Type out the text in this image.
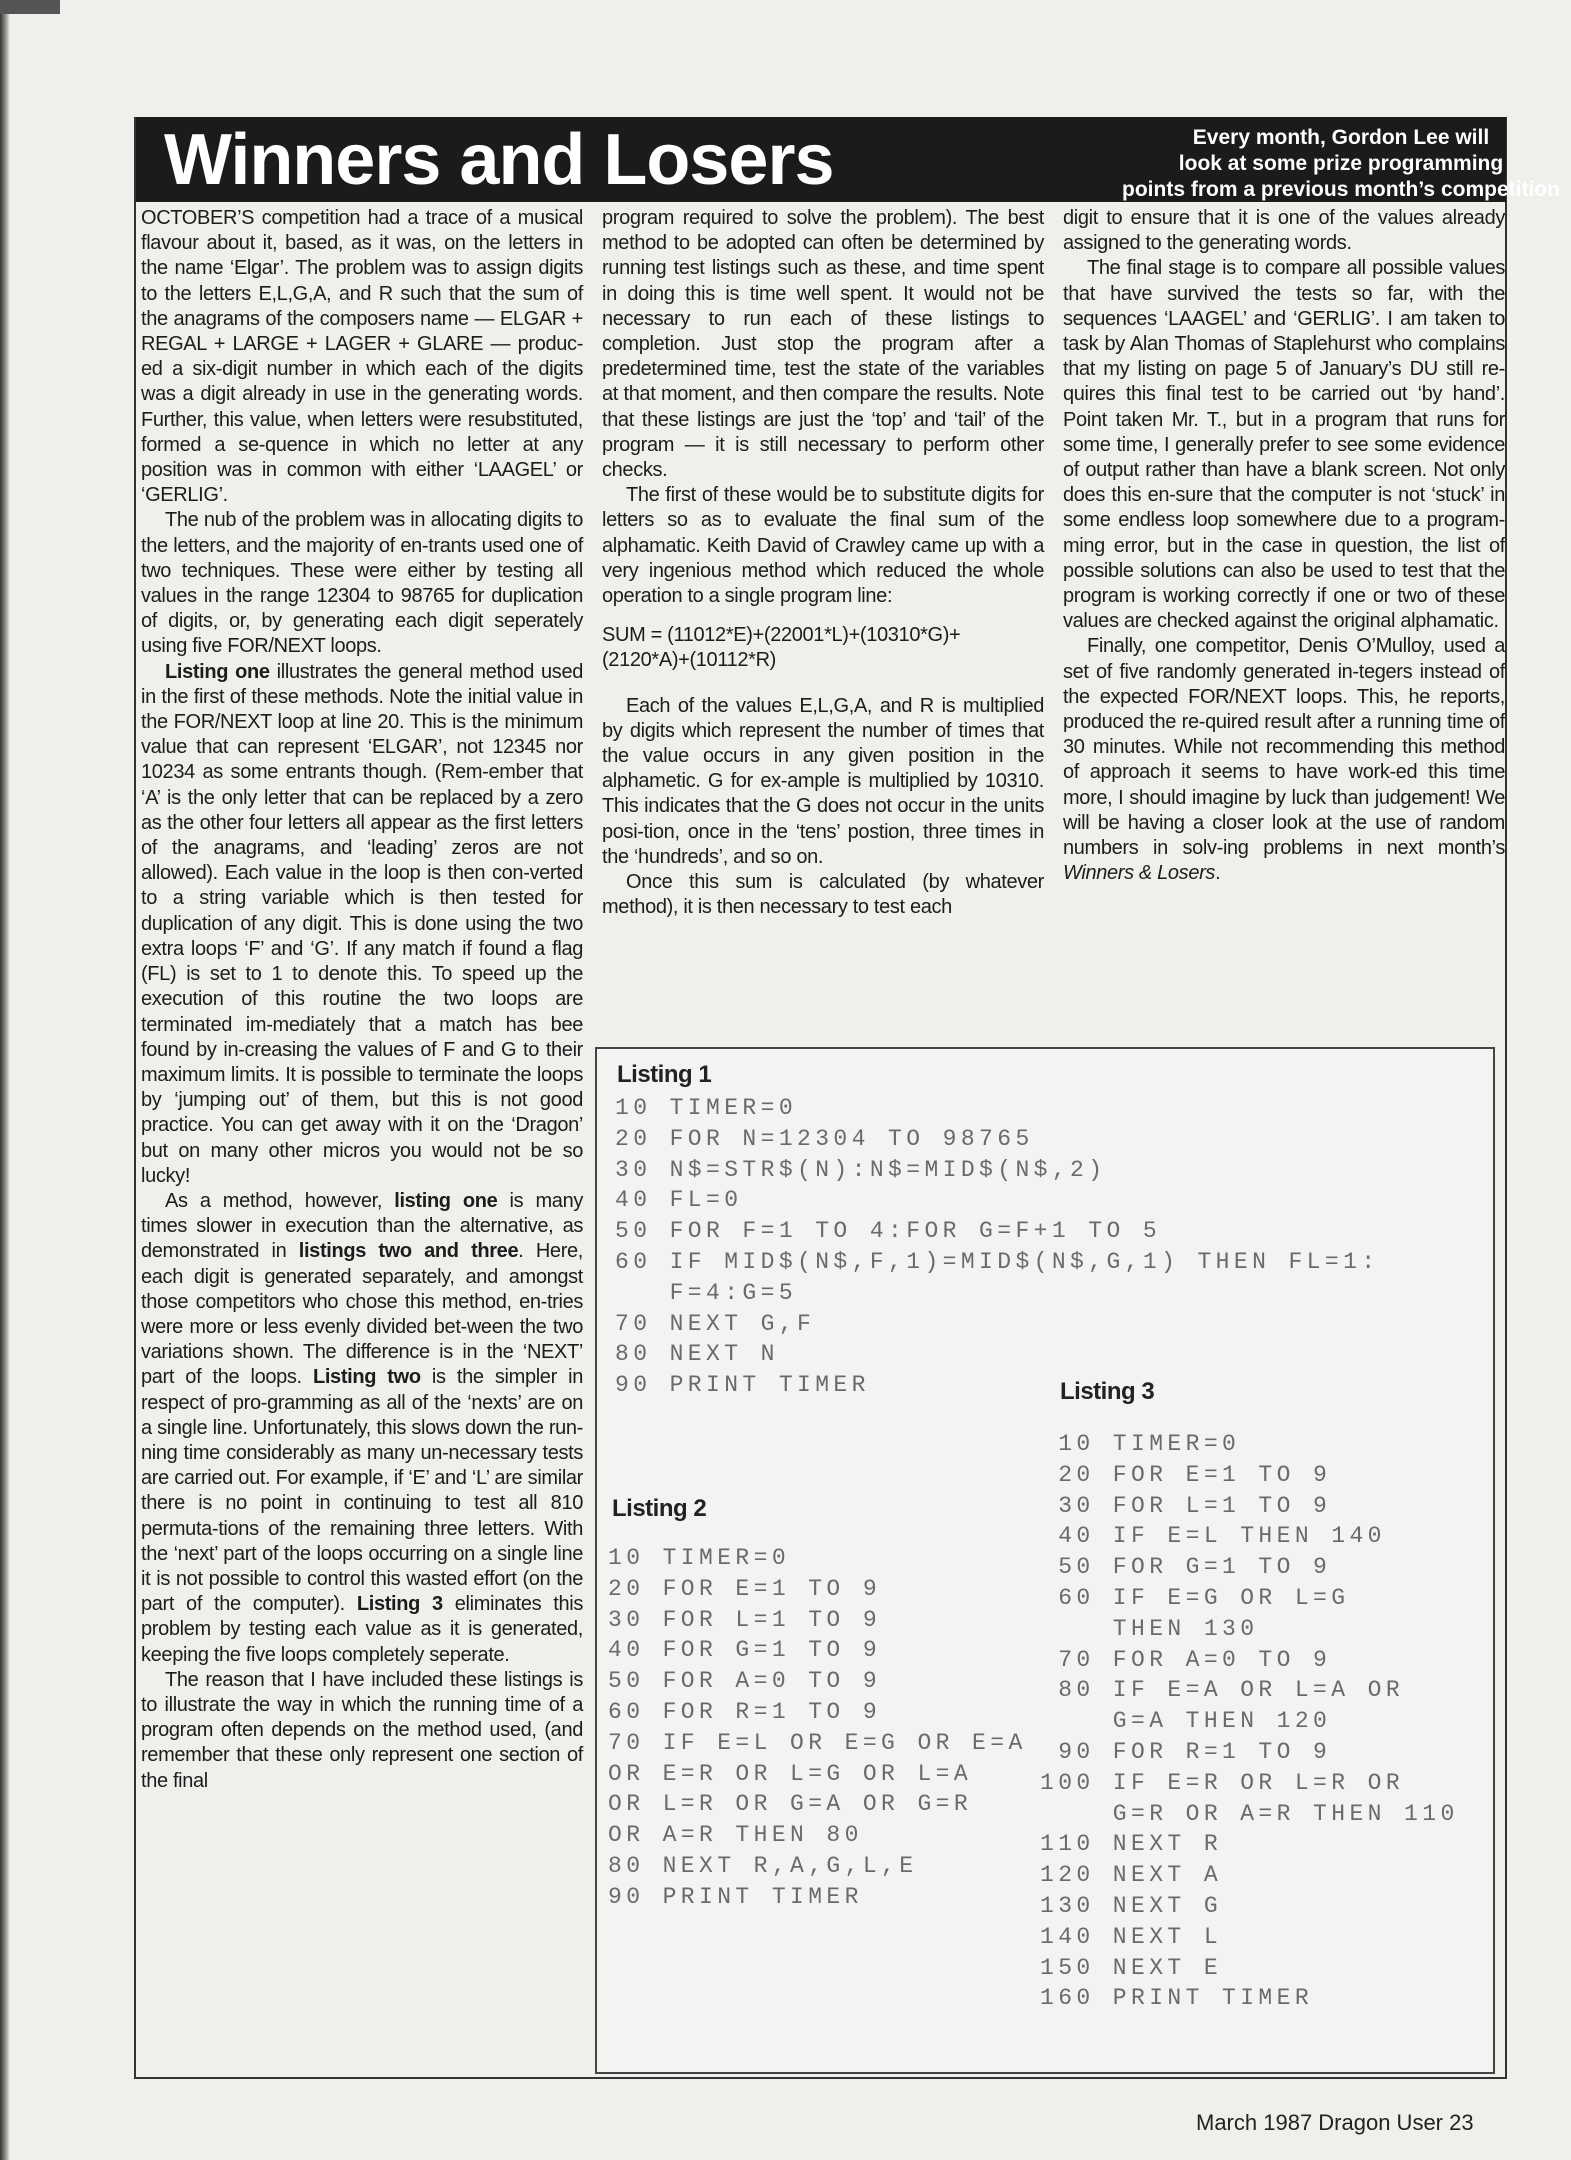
Winners and Losers	Every month, Gordon Lee will
look at some prize programming
points from a previous month’s competition

OCTOBER’S competition had a trace of a musical flavour about it, based, as it was, on the letters in the name ‘Elgar’. The problem was to assign digits to the letters E,L,G,A, and R such that the sum of the anagrams of the composers name — ELGAR + REGAL + LARGE + LAGER + GLARE — produc-ed a six-digit number in which each of the digits was a digit already in use in the generating words. Further, this value, when letters were resubstituted, formed a se-quence in which no letter at any position was in common with either ‘LAAGEL’ or ‘GERLIG’.

The nub of the problem was in allocating digits to the letters, and the majority of en-trants used one of two techniques. These were either by testing all values in the range 12304 to 98765 for duplication of digits, or, by generating each digit seperately using five FOR/NEXT loops.

Listing one illustrates the general method used in the first of these methods. Note the initial value in the FOR/NEXT loop at line 20. This is the minimum value that can represent ‘ELGAR’, not 12345 nor 10234 as some entrants though. (Rem-ember that ‘A’ is the only letter that can be replaced by a zero as the other four letters all appear as the first letters of the anagrams, and ‘leading’ zeros are not allowed). Each value in the loop is then con-verted to a string variable which is then tested for duplication of any digit. This is done using the two extra loops ‘F’ and ‘G’. If any match if found a flag (FL) is set to 1 to denote this. To speed up the execution of this routine the two loops are terminated im-mediately that a match has bee found by in-creasing the values of F and G to their maximum limits. It is possible to terminate the loops by ‘jumping out’ of them, but this is not good practice. You can get away with it on the ‘Dragon’ but on many other micros you would not be so lucky!

As a method, however, listing one is many times slower in execution than the alternative, as demonstrated in listings two and three. Here, each digit is generated separately, and amongst those competitors who chose this method, en-tries were more or less evenly divided bet-ween the two variations shown. The difference is in the ‘NEXT’ part of the loops. Listing two is the simpler in respect of pro-gramming as all of the ‘nexts’ are on a single line. Unfortunately, this slows down the run-ning time considerably as many un-necessary tests are carried out. For example, if ‘E’ and ‘L’ are similar there is no point in continuing to test all 810 permuta-tions of the remaining three letters. With the ‘next’ part of the loops occurring on a single line it is not possible to control this wasted effort (on the part of the computer). Listing 3 eliminates this problem by testing each value as it is generated, keeping the five loops completely seperate.

The reason that I have included these listings is to illustrate the way in which the running time of a program often depends on the method used, (and remember that these only represent one section of the final

program required to solve the problem). The best method to be adopted can often be determined by running test listings such as these, and time spent in doing this is time well spent. It would not be necessary to run each of these listings to completion. Just stop the program after a predetermined time, test the state of the variables at that moment, and then compare the results. Note that these listings are just the ‘top’ and ‘tail’ of the program — it is still necessary to perform other checks.

The first of these would be to substitute digits for letters so as to evaluate the final sum of the alphamatic. Keith David of Crawley came up with a very ingenious method which reduced the whole operation to a single program line:

SUM = (11012*E)+(22001*L)+(10310*G)+ (2120*A)+(10112*R)

Each of the values E,L,G,A, and R is multiplied by digits which represent the number of times that the value occurs in any given position in the alphametic. G for ex-ample is multiplied by 10310. This indicates that the G does not occur in the units posi-tion, once in the ‘tens’ postion, three times in the ‘hundreds’, and so on.

Once this sum is calculated (by whatever method), it is then necessary to test each

digit to ensure that it is one of the values already assigned to the generating words.

The final stage is to compare all possible values that have survived the tests so far, with the sequences ‘LAAGEL’ and ‘GERLIG’. I am taken to task by Alan Thomas of Staplehurst who complains that my listing on page 5 of January’s DU still re-quires this final test to be carried out ‘by hand’. Point taken Mr. T., but in a program that runs for some time, I generally prefer to see some evidence of output rather than have a blank screen. Not only does this en-sure that the computer is not ‘stuck’ in some endless loop somewhere due to a program-ming error, but in the case in question, the list of possible solutions can also be used to test that the program is working correctly if one or two of these values are checked against the original alphamatic.

Finally, one competitor, Denis O’Mulloy, used a set of five randomly generated in-tegers instead of the expected FOR/NEXT loops. This, he reports, produced the re-quired result after a running time of 30 minutes. While not recommending this method of approach it seems to have work-ed this time more, I should imagine by luck than judgement! We will be having a closer look at the use of random numbers in solv-ing problems in next month’s Winners & Losers.

Listing 1
10 TIMER=0
20 FOR N=12304 TO 98765
30 N$=STR$(N):N$=MID$(N$,2)
40 FL=0
50 FOR F=1 TO 4:FOR G=F+1 TO 5
60 IF MID$(N$,F,1)=MID$(N$,G,1) THEN FL=1:
F=4:G=5
70 NEXT G,F
80 NEXT N
90 PRINT TIMER
Listing 2
10 TIMER=0
20 FOR E=1 TO 9
30 FOR L=1 TO 9
40 FOR G=1 TO 9
50 FOR A=0 TO 9
60 FOR R=1 TO 9
70 IF E=L OR E=G OR E=A
OR E=R OR L=G OR L=A
OR L=R OR G=A OR G=R
OR A=R THEN 80
80 NEXT R,A,G,L,E
90 PRINT TIMER
Listing 3
10 TIMER=0
20 FOR E=1 TO 9
30 FOR L=1 TO 9
40 IF E=L THEN 140
50 FOR G=1 TO 9
60 IF E=G OR L=G
THEN 130
70 FOR A=0 TO 9
80 IF E=A OR L=A OR
G=A THEN 120
90 FOR R=1 TO 9
100 IF E=R OR L=R OR
G=R OR A=R THEN 110
110 NEXT R
120 NEXT A
130 NEXT G
140 NEXT L
150 NEXT E
160 PRINT TIMER
March 1987 Dragon User 23
